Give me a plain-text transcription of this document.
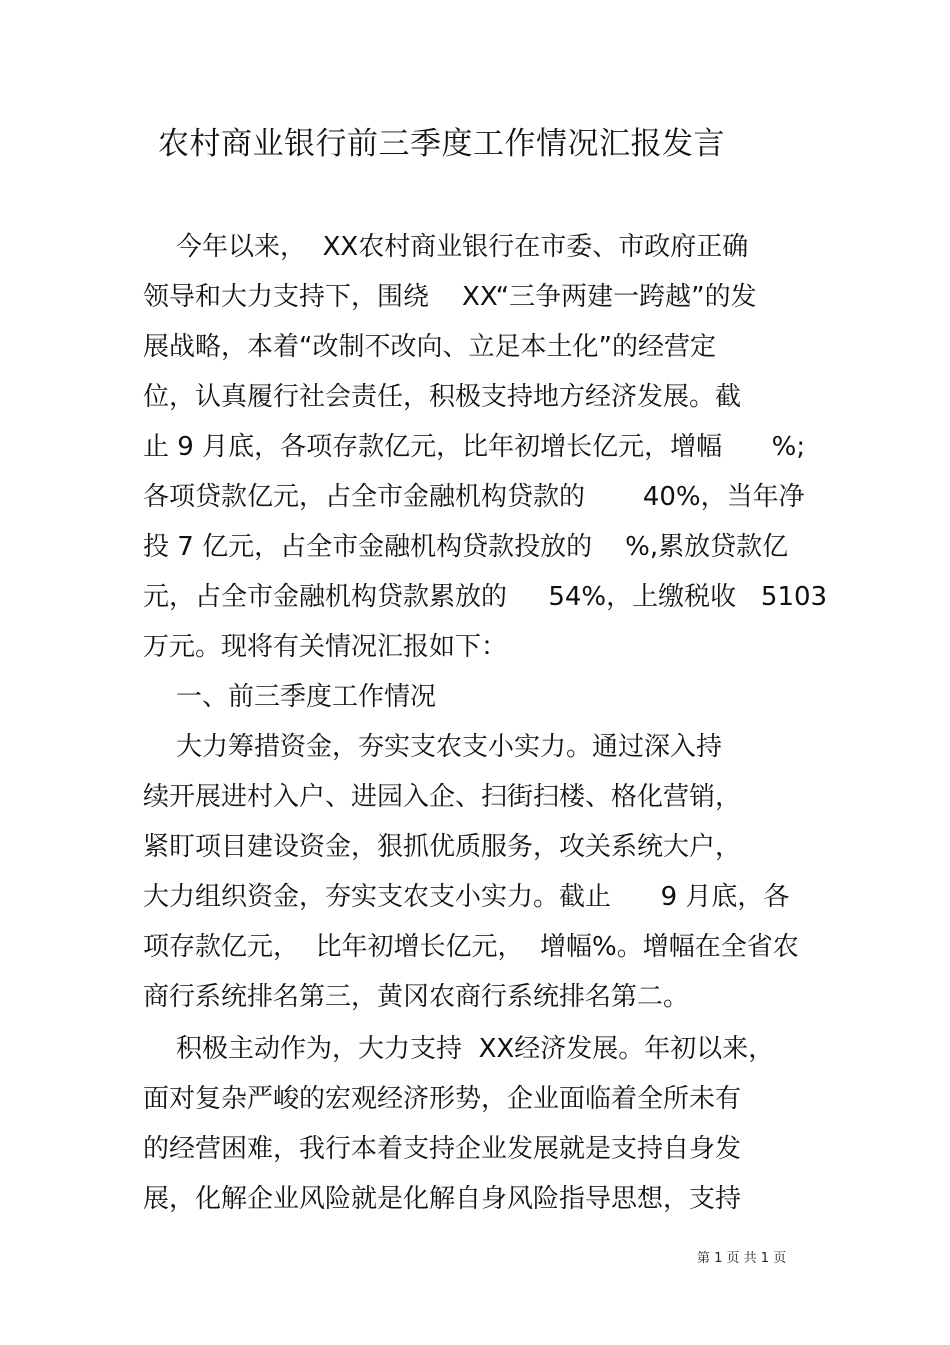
农村商业银行前三季度工作情况汇报发言
今年以来，  XX农村商业银行在市委、市政府正确
领导和大力支持下，围绕    XX“三争两建一跨越”的发
展战略，本着“改制不改向、立足本土化”的经营定
位，认真履行社会责任，积极支持地方经济发展。截
止 9 月底，各项存款亿元，比年初增长亿元，增幅      %;
各项贷款亿元，占全市金融机构贷款的       40%，当年净
投 7 亿元，占全市金融机构贷款投放的    %,累放贷款亿
元，占全市金融机构贷款累放的     54%，上缴税收   5103
万元。现将有关情况汇报如下：
一、前三季度工作情况
大力筹措资金，夯实支农支小实力。通过深入持
续开展进村入户、进园入企、扫街扫楼、格化营销，
紧盯项目建设资金，狠抓优质服务，攻关系统大户，
大力组织资金，夯实支农支小实力。截止      9 月底，各
项存款亿元，  比年初增长亿元，  增幅%。增幅在全省农
商行系统排名第三，黄冈农商行系统排名第二。
积极主动作为，大力支持  XX经济发展。年初以来，
面对复杂严峻的宏观经济形势，企业面临着全所未有
的经营困难，我行本着支持企业发展就是支持自身发
展，化解企业风险就是化解自身风险指导思想，支持
第 1 页 共 1 页
